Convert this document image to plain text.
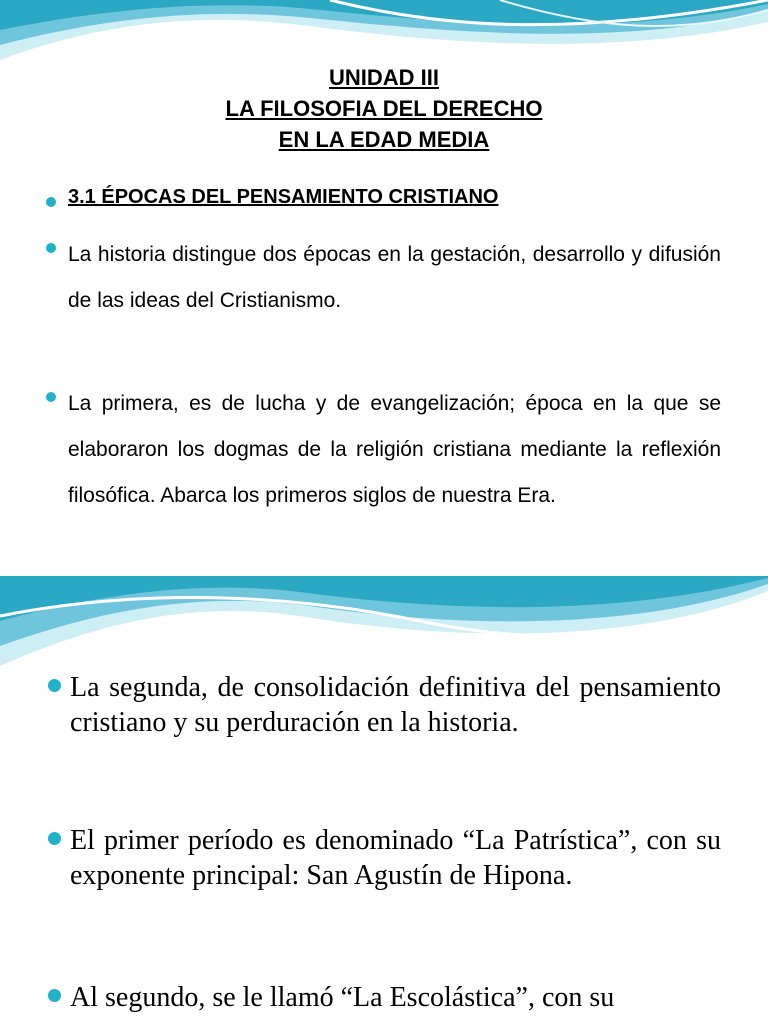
UNIDAD III
LA FILOSOFIA DEL DERECHO
EN LA EDAD MEDIA
3.1 ÉPOCAS DEL PENSAMIENTO CRISTIANO
La historia distingue dos épocas en la gestación, desarrollo y difusión de las ideas del Cristianismo.
La primera, es de lucha y de evangelización; época en la que se elaboraron los dogmas de la religión cristiana mediante la reflexión filosófica. Abarca los primeros siglos de nuestra Era.
La segunda, de consolidación definitiva del pensamiento cristiano y su perduración en la historia.
El primer período es denominado “La Patrística”, con su exponente principal: San Agustín de Hipona.
Al segundo, se le llamó “La Escolástica”, con su
